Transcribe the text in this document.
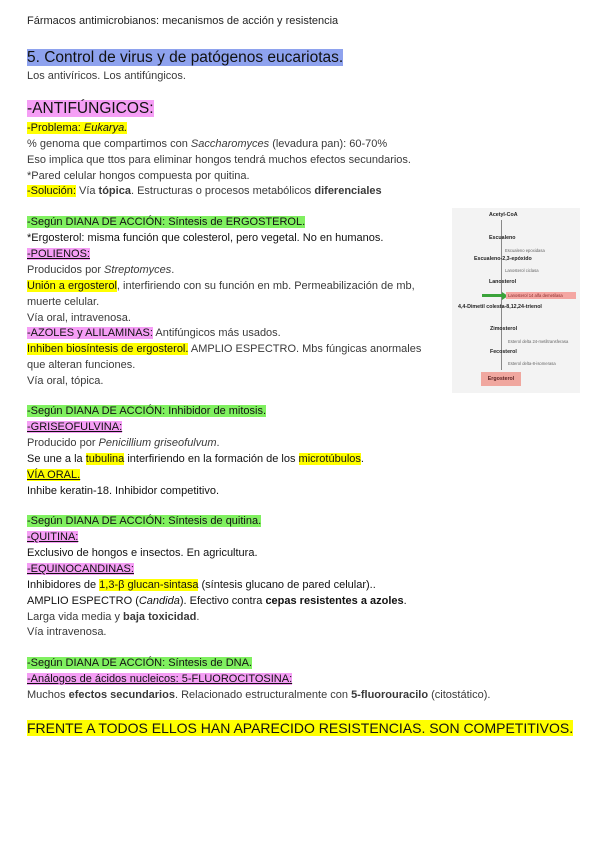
Fármacos antimicrobianos: mecanismos de acción y resistencia
5. Control de virus y de patógenos eucariotas.
Los antivíricos. Los antifúngicos.
-ANTIFÚNGICOS:
-Problema: Eukarya.
% genoma que compartimos con Saccharomyces (levadura pan): 60-70%
Eso implica que ttos para eliminar hongos tendrá muchos efectos secundarios.
*Pared celular hongos compuesta por quitina.
-Solución: Vía tópica. Estructuras o procesos metabólicos diferenciales
-Según DIANA DE ACCIÓN: Síntesis de ERGOSTEROL.
*Ergosterol: misma función que colesterol, pero vegetal. No en humanos.
-POLIENOS:
Producidos por Streptomyces.
Unión a ergosterol, interfiriendo con su función en mb. Permeabilización de mb,
muerte celular.
Vía oral, intravenosa.
-AZOLES y ALILAMINAS: Antifúngicos más usados.
Inhiben biosíntesis de ergosterol. AMPLIO ESPECTRO. Mbs fúngicas anormales
que alteran funciones.
Vía oral, tópica.
Acetyl-CoA
Escualeno
Escualeno epoxidasa
Escualeno-2,3-epóxido
Lanosterol ciclasa
Lanosterol
Lanosterol 14 alfa demetilasa
4,4-Dimetil colesta-8,12,24-trienol
Zimosterol
Esterol delta 24-metiltransferasa
Fecosterol
Esterol delta-8-isomerasa
Ergosterol
-Según DIANA DE ACCIÓN: Inhibidor de mitosis.
-GRISEOFULVINA:
Producido por Penicillium griseofulvum.
Se une a la tubulina interfiriendo en la formación de los microtúbulos.
VÍA ORAL.
Inhibe keratin-18. Inhibidor competitivo.
-Según DIANA DE ACCIÓN: Síntesis de quitina.
-QUITINA:
Exclusivo de hongos e insectos. En agricultura.
-EQUINOCANDINAS:
Inhibidores de 1,3-β glucan-sintasa (síntesis glucano de pared celular)..
AMPLIO ESPECTRO (Candida). Efectivo contra cepas resistentes a azoles.
Larga vida media y baja toxicidad.
Vía intravenosa.
-Según DIANA DE ACCIÓN: Síntesis de DNA.
-Análogos de ácidos nucleicos: 5-FLUOROCITOSINA:
Muchos efectos secundarios. Relacionado estructuralmente con 5-fluorouracilo (citostático).
FRENTE A TODOS ELLOS HAN APARECIDO RESISTENCIAS. SON COMPETITIVOS.
